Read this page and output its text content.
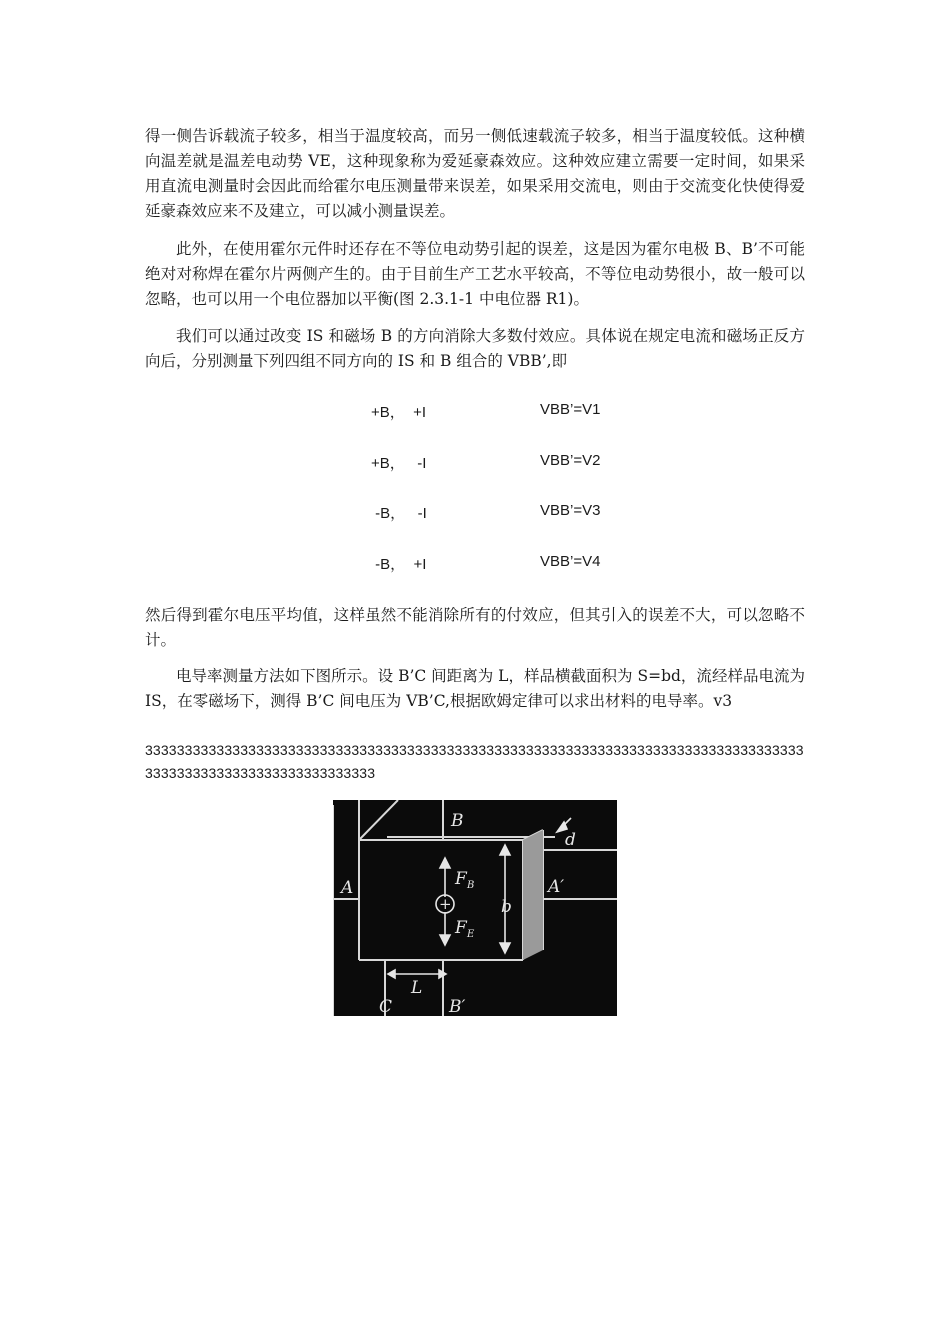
得一侧告诉载流子较多，相当于温度较高，而另一侧低速载流子较多，相当于温度较低。这种横向温差就是温差电动势 VE，这种现象称为爱延豪森效应。这种效应建立需要一定时间，如果采用直流电测量时会因此而给霍尔电压测量带来误差，如果采用交流电，则由于交流变化快使得爱延豪森效应来不及建立，可以减小测量误差。

此外，在使用霍尔元件时还存在不等位电动势引起的误差，这是因为霍尔电极 B、B’不可能绝对对称焊在霍尔片两侧产生的。由于目前生产工艺水平较高，不等位电动势很小，故一般可以忽略，也可以用一个电位器加以平衡(图 2.3.1-1 中电位器 R1)。

我们可以通过改变 IS 和磁场 B 的方向消除大多数付效应。具体说在规定电流和磁场正反方向后，分别测量下列四组不同方向的 IS 和 B 组合的 VBB’,即

+B，  +I	VBB’=V1
+B，   -I	VBB’=V2
-B，   -I	VBB’=V3
-B，  +I	VBB’=V4

然后得到霍尔电压平均值，这样虽然不能消除所有的付效应，但其引入的误差不大，可以忽略不计。

电导率测量方法如下图所示。设 B’C 间距离为 L，样品横截面积为 S=bd，流经样品电流为 IS，在零磁场下，测得 B’C 间电压为 VB’C,根据欧姆定律可以求出材料的电导率。v3

3333333333333333333333333333333333333333333333333333333333333333333333333333333333333333333333333333333333333333
+
B
d
A	A′
F B
F E
b
L
C	B′
